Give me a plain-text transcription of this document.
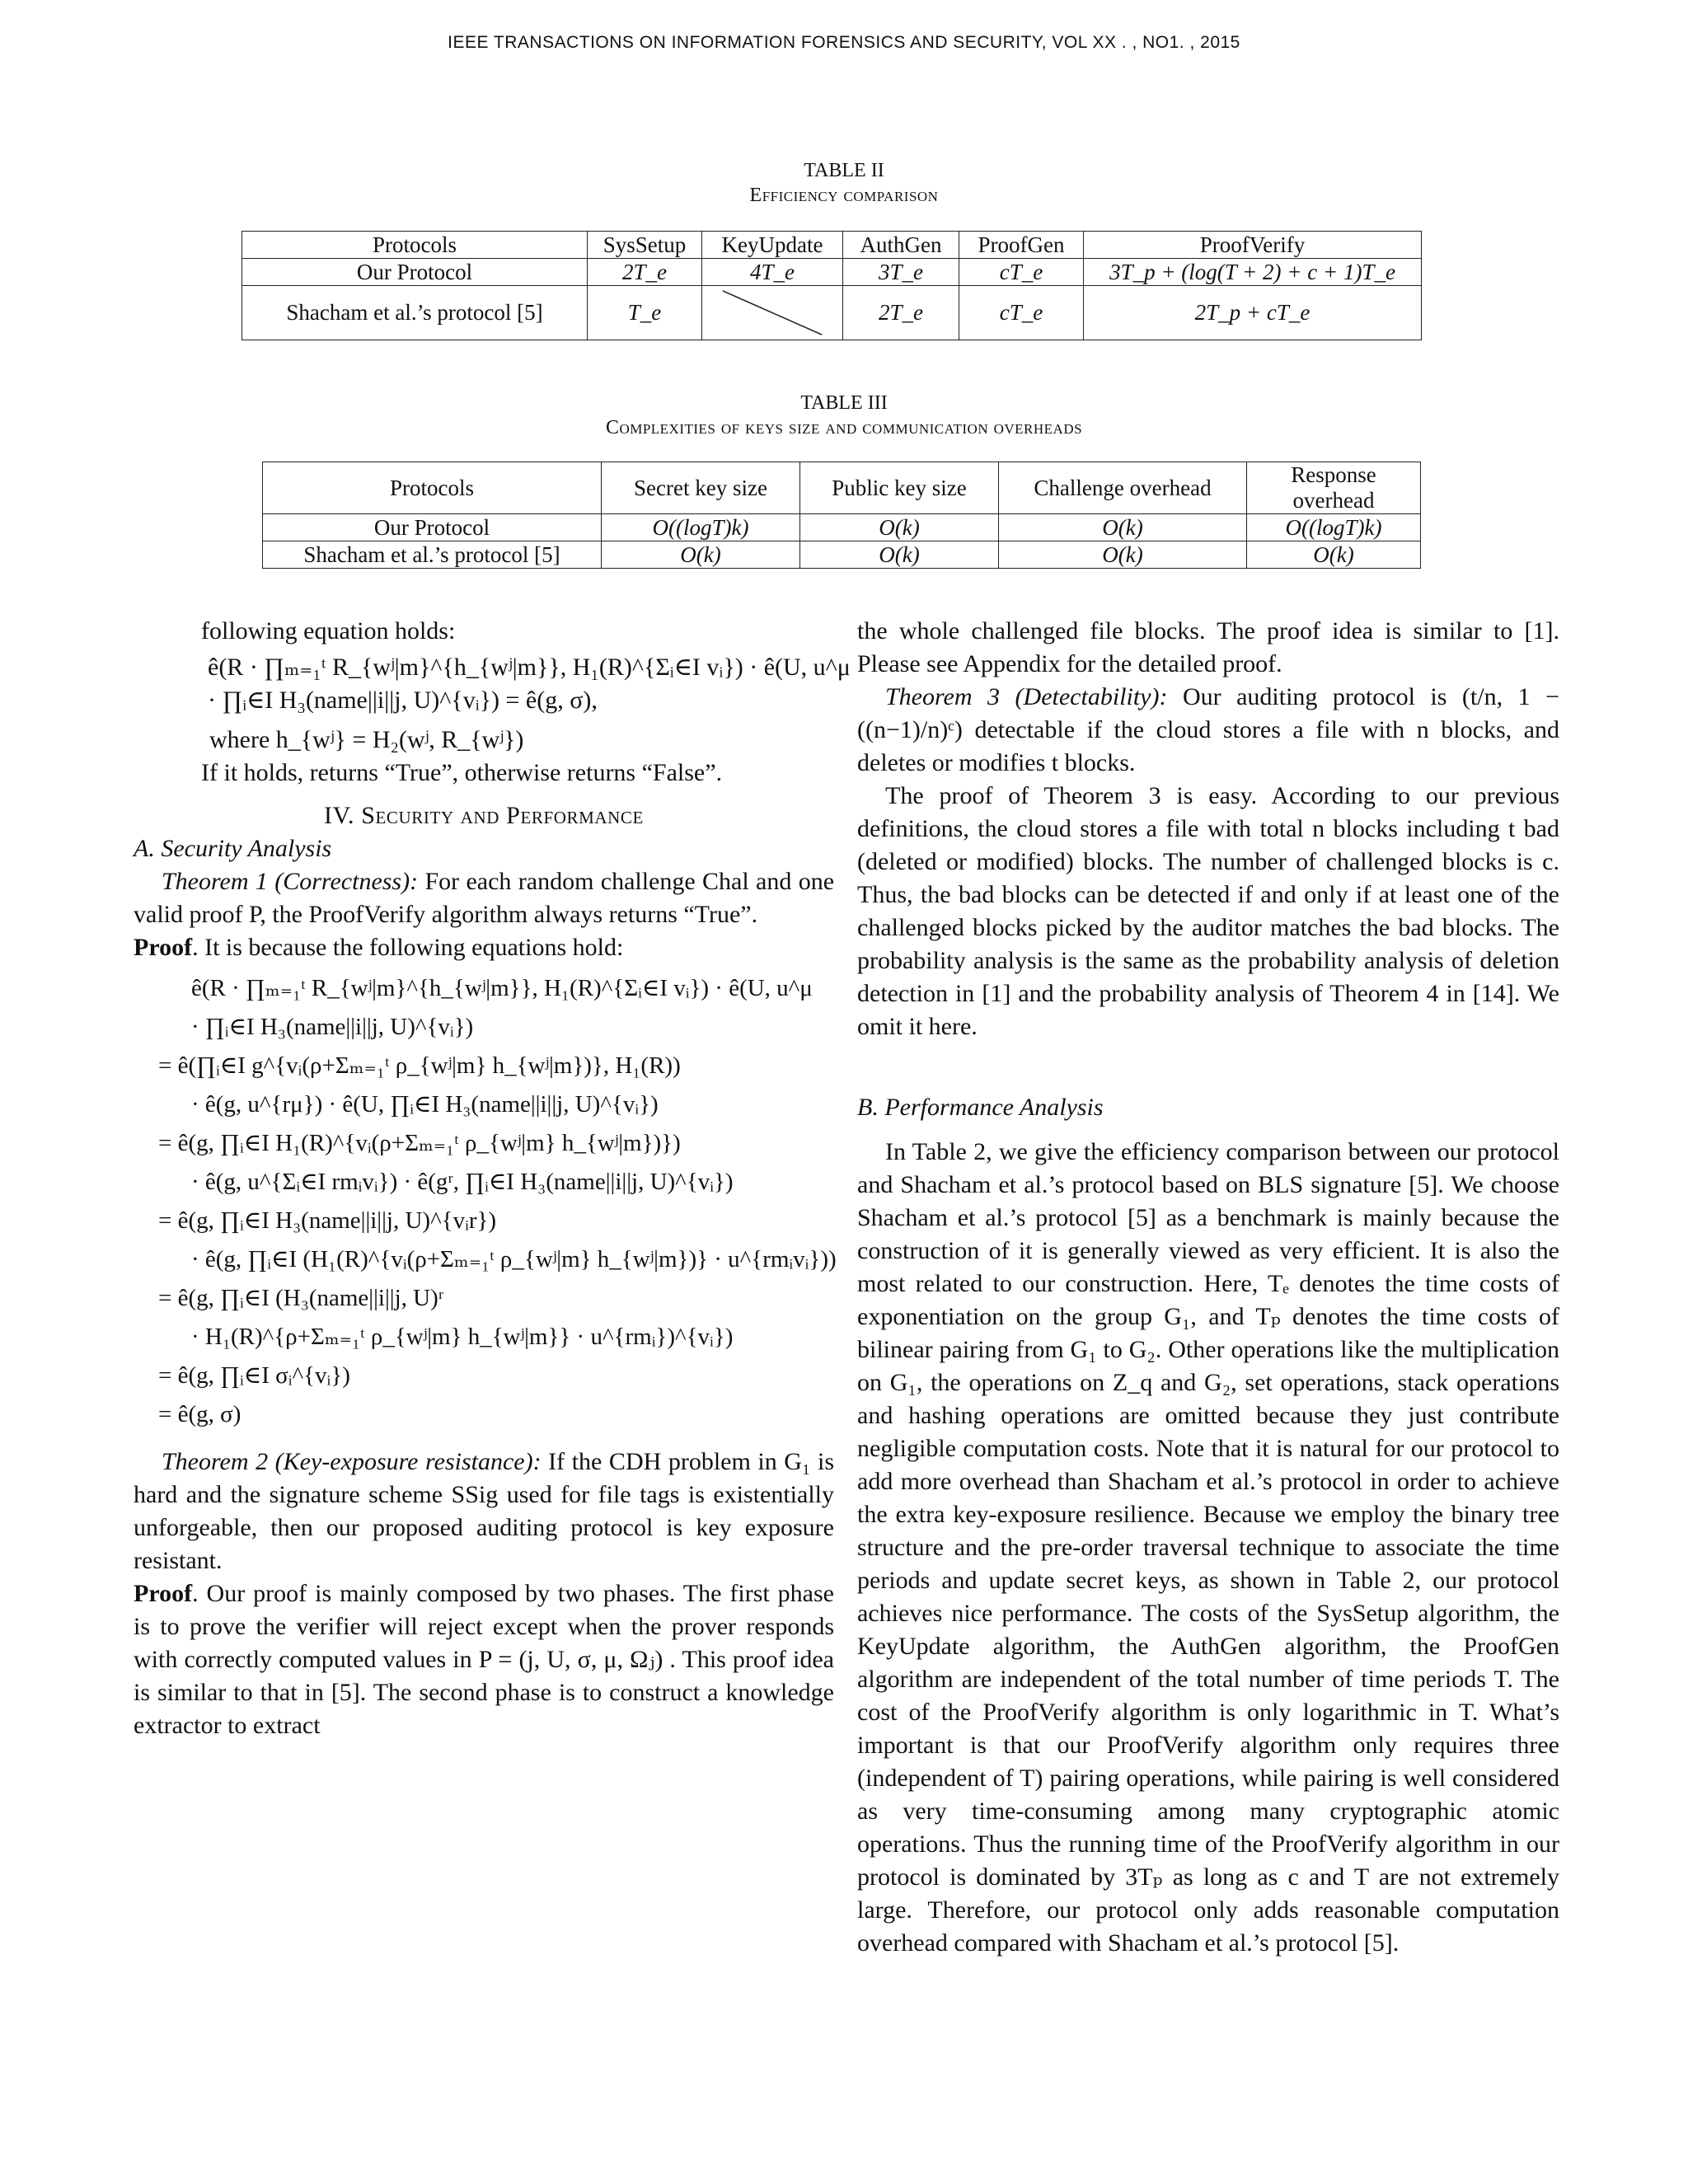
IEEE TRANSACTIONS ON INFORMATION FORENSICS AND SECURITY, VOL XX . , NO1. , 2015
TABLE II
Efficiency comparison
Protocols	SysSetup	KeyUpdate	AuthGen	ProofGen	ProofVerify
Our Protocol	2T_e	4T_e	3T_e	cT_e	3T_p + (log(T + 2) + c + 1)T_e
Shacham et al.’s protocol [5]	T_e		2T_e	cT_e	2T_p + cT_e
TABLE III
Complexities of keys size and communication overheads
Protocols	Secret key size	Public key size	Challenge overhead	Response overhead
Our Protocol	O((logT)k)	O(k)	O(k)	O((logT)k)
Shacham et al.’s protocol [5]	O(k)	O(k)	O(k)	O(k)

following equation holds:

ê(R · ∏ₘ₌₁ᵗ R_{wʲ|m}^{h_{wʲ|m}}, H₁(R)^{Σᵢ∈I vᵢ}) · ê(U, u^μ

· ∏ᵢ∈I H₃(name||i||j, U)^{vᵢ}) = ê(g, σ),

where h_{wʲ} = H₂(wʲ, R_{wʲ})

If it holds, returns “True”, otherwise returns “False”.

IV. Security and Performance

A. Security Analysis

Theorem 1 (Correctness): For each random challenge Chal and one valid proof P, the ProofVerify algorithm always returns “True”.

Proof. It is because the following equations hold:

ê(R · ∏ₘ₌₁ᵗ R_{wʲ|m}^{h_{wʲ|m}}, H₁(R)^{Σᵢ∈I vᵢ}) · ê(U, u^μ

· ∏ᵢ∈I H₃(name||i||j, U)^{vᵢ})

= ê(∏ᵢ∈I g^{vᵢ(ρ+Σₘ₌₁ᵗ ρ_{wʲ|m} h_{wʲ|m})}, H₁(R))

· ê(g, u^{rμ}) · ê(U, ∏ᵢ∈I H₃(name||i||j, U)^{vᵢ})

= ê(g, ∏ᵢ∈I H₁(R)^{vᵢ(ρ+Σₘ₌₁ᵗ ρ_{wʲ|m} h_{wʲ|m})})

· ê(g, u^{Σᵢ∈I rmᵢvᵢ}) · ê(gʳ, ∏ᵢ∈I H₃(name||i||j, U)^{vᵢ})

= ê(g, ∏ᵢ∈I H₃(name||i||j, U)^{vᵢr})

· ê(g, ∏ᵢ∈I (H₁(R)^{vᵢ(ρ+Σₘ₌₁ᵗ ρ_{wʲ|m} h_{wʲ|m})} · u^{rmᵢvᵢ}))

= ê(g, ∏ᵢ∈I (H₃(name||i||j, U)ʳ

· H₁(R)^{ρ+Σₘ₌₁ᵗ ρ_{wʲ|m} h_{wʲ|m}} · u^{rmᵢ})^{vᵢ})

= ê(g, ∏ᵢ∈I σᵢ^{vᵢ})

= ê(g, σ)

Theorem 2 (Key-exposure resistance): If the CDH problem in G₁ is hard and the signature scheme SSig used for file tags is existentially unforgeable, then our proposed auditing protocol is key exposure resistant.

Proof. Our proof is mainly composed by two phases. The first phase is to prove the verifier will reject except when the prover responds with correctly computed values in P = (j, U, σ, μ, Ωⱼ) . This proof idea is similar to that in [5]. The second phase is to construct a knowledge extractor to extract

the whole challenged file blocks. The proof idea is similar to [1]. Please see Appendix for the detailed proof.

Theorem 3 (Detectability): Our auditing protocol is (t/n, 1 − ((n−1)/n)ᶜ) detectable if the cloud stores a file with n blocks, and deletes or modifies t blocks.

The proof of Theorem 3 is easy. According to our previous definitions, the cloud stores a file with total n blocks including t bad (deleted or modified) blocks. The number of challenged blocks is c. Thus, the bad blocks can be detected if and only if at least one of the challenged blocks picked by the auditor matches the bad blocks. The probability analysis is the same as the probability analysis of deletion detection in [1] and the probability analysis of Theorem 4 in [14]. We omit it here.

B. Performance Analysis

In Table 2, we give the efficiency comparison between our protocol and Shacham et al.’s protocol based on BLS signature [5]. We choose Shacham et al.’s protocol [5] as a benchmark is mainly because the construction of it is generally viewed as very efficient. It is also the most related to our construction. Here, Tₑ denotes the time costs of exponentiation on the group G₁, and Tₚ denotes the time costs of bilinear pairing from G₁ to G₂. Other operations like the multiplication on G₁, the operations on Z_q and G₂, set operations, stack operations and hashing operations are omitted because they just contribute negligible computation costs. Note that it is natural for our protocol to add more overhead than Shacham et al.’s protocol in order to achieve the extra key-exposure resilience. Because we employ the binary tree structure and the pre-order traversal technique to associate the time periods and update secret keys, as shown in Table 2, our protocol achieves nice performance. The costs of the SysSetup algorithm, the KeyUpdate algorithm, the AuthGen algorithm, the ProofGen algorithm are independent of the total number of time periods T. The cost of the ProofVerify algorithm is only logarithmic in T. What’s important is that our ProofVerify algorithm only requires three (independent of T) pairing operations, while pairing is well considered as very time-consuming among many cryptographic atomic operations. Thus the running time of the ProofVerify algorithm in our protocol is dominated by 3Tₚ as long as c and T are not extremely large. Therefore, our protocol only adds reasonable computation overhead compared with Shacham et al.’s protocol [5].
